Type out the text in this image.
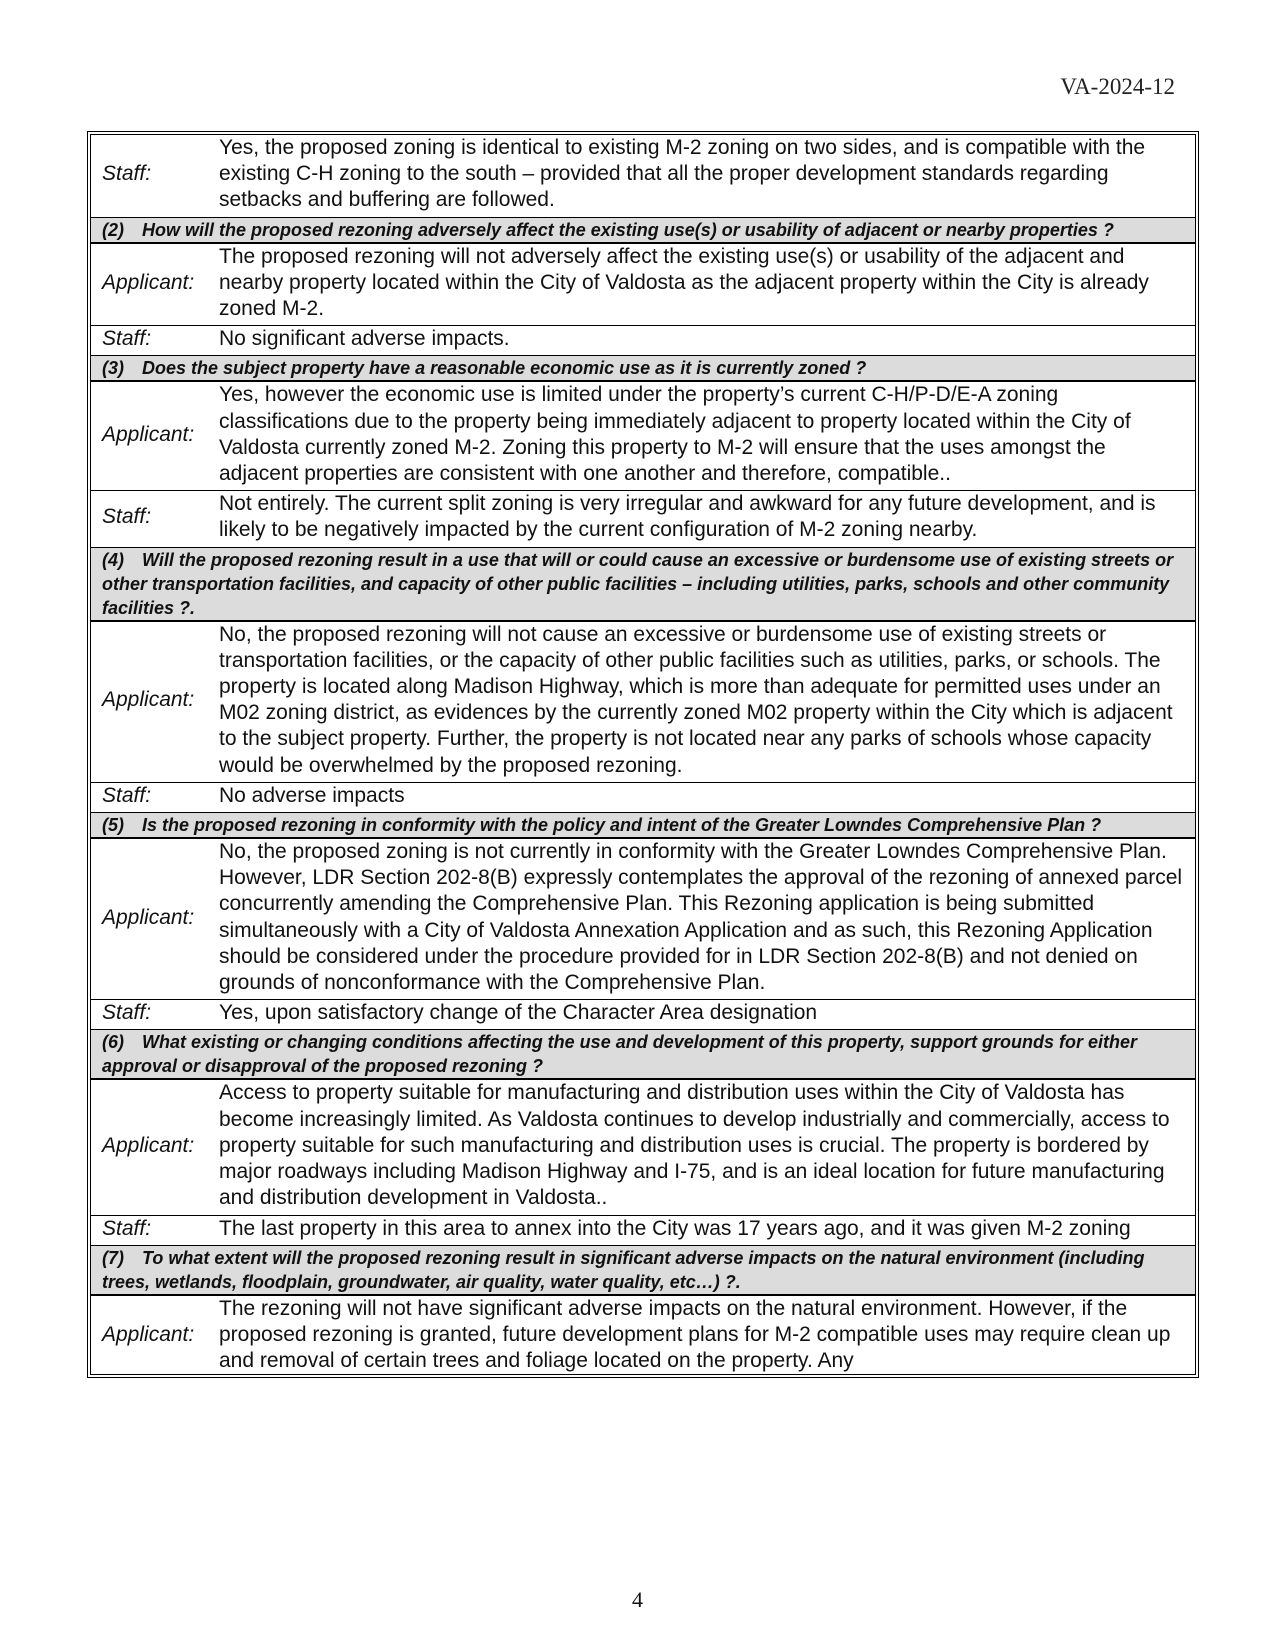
VA-2024-12
Staff:
Yes, the proposed zoning is identical to existing M-2 zoning on two sides, and is compatible with the existing C-H zoning to the south – provided that all the proper development standards regarding setbacks and buffering are followed.
(2) How will the proposed rezoning adversely affect the existing use(s) or usability of adjacent or nearby properties ?
Applicant:
The proposed rezoning will not adversely affect the existing use(s) or usability of the adjacent and nearby property located within the City of Valdosta as the adjacent property within the City is already zoned M-2.
Staff:	No significant adverse impacts.
(3) Does the subject property have a reasonable economic use as it is currently zoned ?
Applicant:
Yes, however the economic use is limited under the property’s current C-H/P-D/E-A zoning classifications due to the property being immediately adjacent to property located within the City of Valdosta currently zoned M-2. Zoning this property to M-2 will ensure that the uses amongst the adjacent properties are consistent with one another and therefore, compatible..
Staff:
Not entirely. The current split zoning is very irregular and awkward for any future development, and is likely to be negatively impacted by the current configuration of M-2 zoning nearby.
(4) Will the proposed rezoning result in a use that will or could cause an excessive or burdensome use of existing streets or other transportation facilities, and capacity of other public facilities – including utilities, parks, schools and other community facilities ?.
Applicant:
No, the proposed rezoning will not cause an excessive or burdensome use of existing streets or transportation facilities, or the capacity of other public facilities such as utilities, parks, or schools. The property is located along Madison Highway, which is more than adequate for permitted uses under an M02 zoning district, as evidences by the currently zoned M02 property within the City which is adjacent to the subject property. Further, the property is not located near any parks of schools whose capacity would be overwhelmed by the proposed rezoning.
Staff:	No adverse impacts
(5) Is the proposed rezoning in conformity with the policy and intent of the Greater Lowndes Comprehensive Plan ?
Applicant:
No, the proposed zoning is not currently in conformity with the Greater Lowndes Comprehensive Plan. However, LDR Section 202-8(B) expressly contemplates the approval of the rezoning of annexed parcel concurrently amending the Comprehensive Plan. This Rezoning application is being submitted simultaneously with a City of Valdosta Annexation Application and as such, this Rezoning Application should be considered under the procedure provided for in LDR Section 202-8(B) and not denied on grounds of nonconformance with the Comprehensive Plan.
Staff:	Yes, upon satisfactory change of the Character Area designation
(6) What existing or changing conditions affecting the use and development of this property, support grounds for either approval or disapproval of the proposed rezoning ?
Applicant:
Access to property suitable for manufacturing and distribution uses within the City of Valdosta has become increasingly limited. As Valdosta continues to develop industrially and commercially, access to property suitable for such manufacturing and distribution uses is crucial. The property is bordered by major roadways including Madison Highway and I-75, and is an ideal location for future manufacturing and distribution development in Valdosta..
Staff:	The last property in this area to annex into the City was 17 years ago, and it was given M-2 zoning
(7) To what extent will the proposed rezoning result in significant adverse impacts on the natural environment (including trees, wetlands, floodplain, groundwater, air quality, water quality, etc…) ?.
Applicant:
The rezoning will not have significant adverse impacts on the natural environment. However, if the proposed rezoning is granted, future development plans for M-2 compatible uses may require clean up and removal of certain trees and foliage located on the property. Any
4
